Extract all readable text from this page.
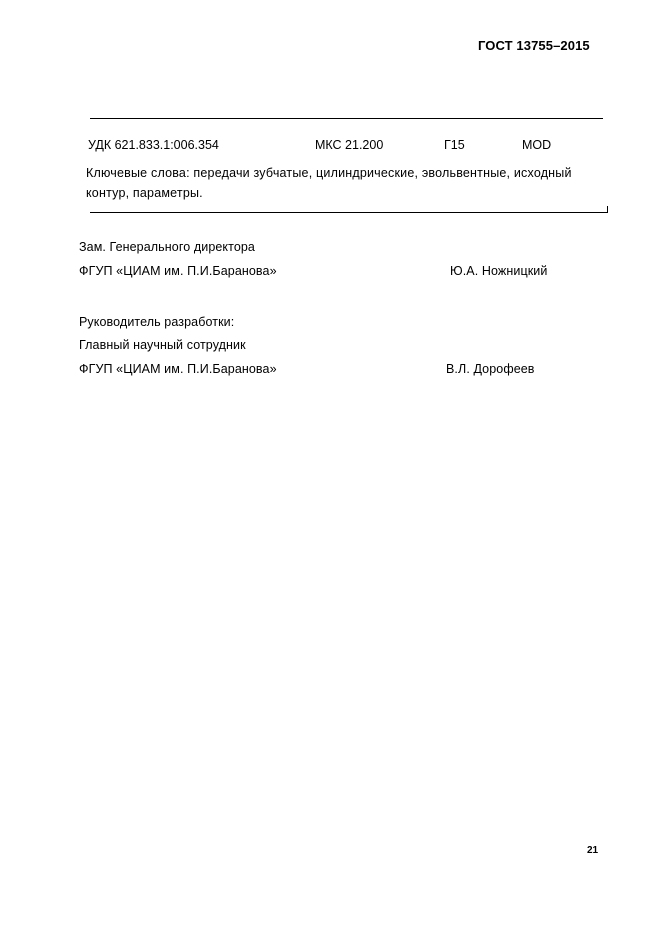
ГОСТ 13755–2015
УДК 621.833.1:006.354	МКС 21.200	Г15	MOD
Ключевые слова: передачи зубчатые, цилиндрические, эвольвентные, исходный
контур, параметры.
Зам. Генерального директора
ФГУП «ЦИАМ им. П.И.Баранова»	Ю.А. Ножницкий
Руководитель разработки:
Главный научный сотрудник
ФГУП «ЦИАМ им. П.И.Баранова»	В.Л. Дорофеев
21
